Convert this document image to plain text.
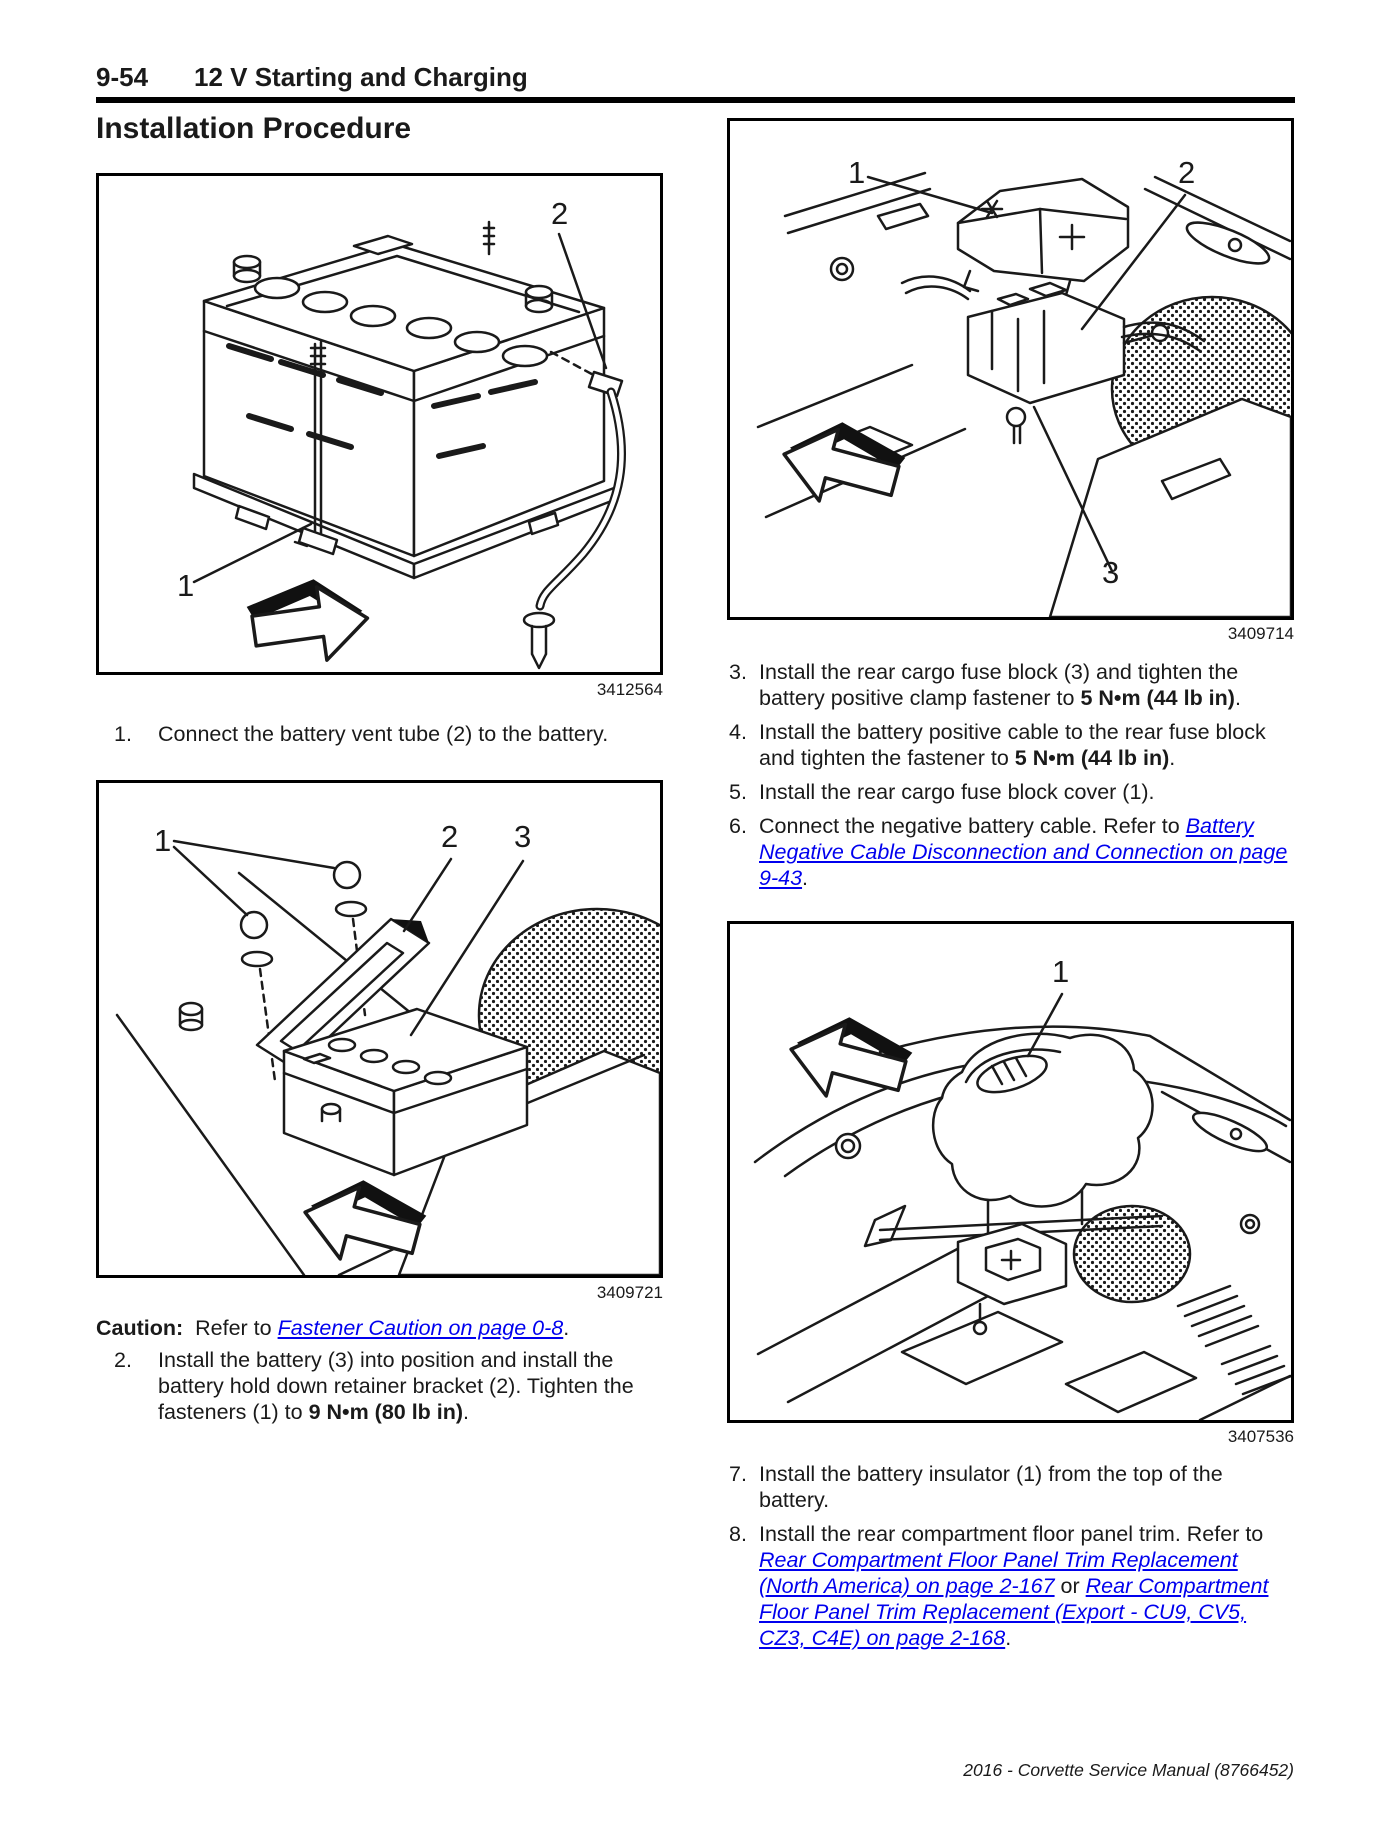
9-54 12 V Starting and Charging
Installation Procedure
1
2
3412564
1.	Connect the battery vent tube (2) to the battery.
1	2 3
3409721

Caution:  Refer to Fastener Caution on page 0-8.

2.	Install the battery (3) into position and install the battery hold down retainer bracket (2). Tighten the fasteners (1) to 9 N•m (80 lb in).
1	2
3
3409714
3. Install the rear cargo fuse block (3) and tighten the battery positive clamp fastener to 5 N•m (44 lb in).
4. Install the battery positive cable to the rear fuse block and tighten the fastener to 5 N•m (44 lb in).
5. Install the rear cargo fuse block cover (1).
6. Connect the negative battery cable. Refer to Battery Negative Cable Disconnection and Connection on page 9-43.
1
3407536
7. Install the battery insulator (1) from the top of the battery.
8. Install the rear compartment floor panel trim. Refer to Rear Compartment Floor Panel Trim Replacement (North America) on page 2-167 or Rear Compartment Floor Panel Trim Replacement (Export - CU9, CV5, CZ3, C4E) on page 2-168.
2016 - Corvette Service Manual (8766452)
